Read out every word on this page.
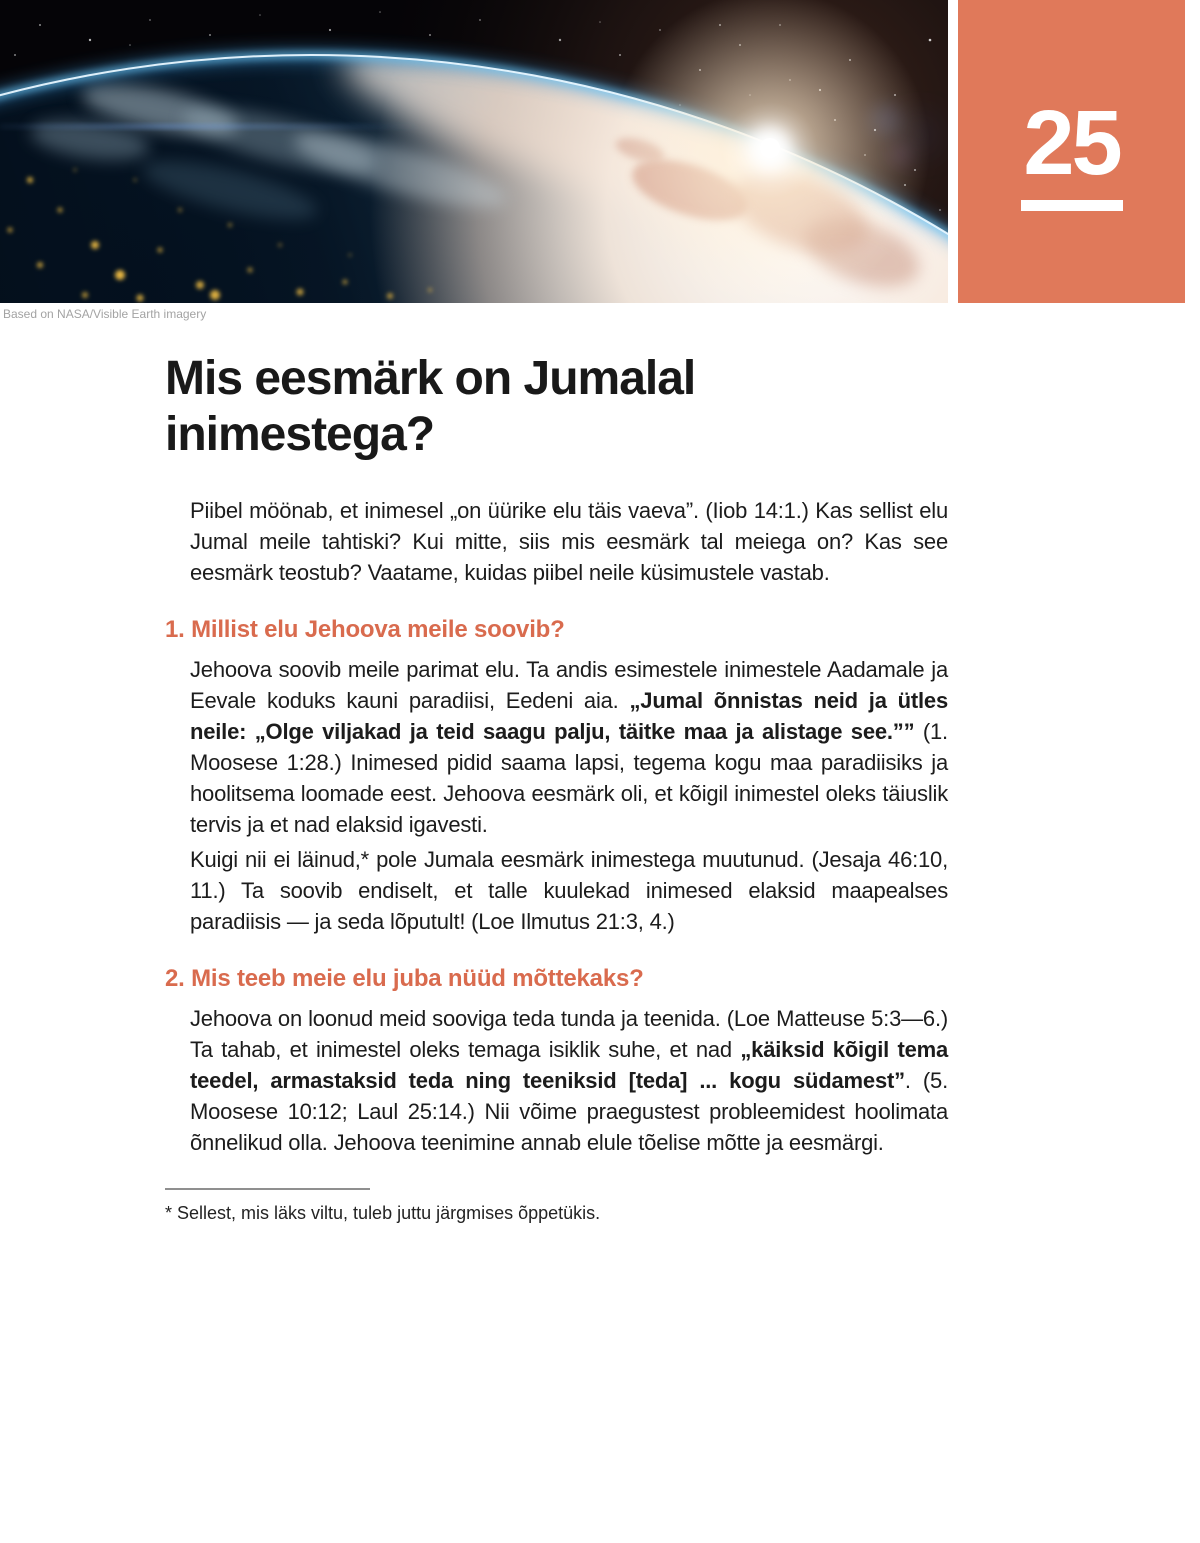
25
Based on NASA/Visible Earth imagery
Mis eesmärk on Jumalal inimestega?

Piibel möönab, et inimesel „on üürike elu täis vaeva”. (Iiob 14:1.) Kas sellist elu Jumal meile tahtiski? Kui mitte, siis mis eesmärk tal meiega on? Kas see eesmärk teostub? Vaatame, kuidas piibel neile küsimustele vastab.

1. Millist elu Jehoova meile soovib?

Jehoova soovib meile parimat elu. Ta andis esimestele inimestele Aadamale ja Eevale koduks kauni paradiisi, Eedeni aia. „Jumal õnnistas neid ja ütles neile: „Olge viljakad ja teid saagu palju, täitke maa ja alistage see.”” (1. Moosese 1:28.) Inimesed pidid saama lapsi, tegema kogu maa paradiisiks ja hoolitsema loomade eest. Jehoova eesmärk oli, et kõigil inimestel oleks täiuslik tervis ja et nad elaksid igavesti.

Kuigi nii ei läinud,* pole Jumala eesmärk inimestega muutunud. (Jesaja 46:10, 11.) Ta soovib endiselt, et talle kuulekad inimesed elaksid maapealses paradiisis — ja seda lõputult! (Loe Ilmutus 21:3, 4.)

2. Mis teeb meie elu juba nüüd mõttekaks?

Jehoova on loonud meid sooviga teda tunda ja teenida. (Loe Matteuse 5:3—6.) Ta tahab, et inimestel oleks temaga isiklik suhe, et nad „käiksid kõigil tema teedel, armastaksid teda ning teeniksid [teda] ... kogu südamest”. (5. Moosese 10:12; Laul 25:14.) Nii võime praegustest probleemidest hoolimata õnnelikud olla. Jehoova teenimine annab elule tõelise mõtte ja eesmärgi.

* Sellest, mis läks viltu, tuleb juttu järgmises õppetükis.
